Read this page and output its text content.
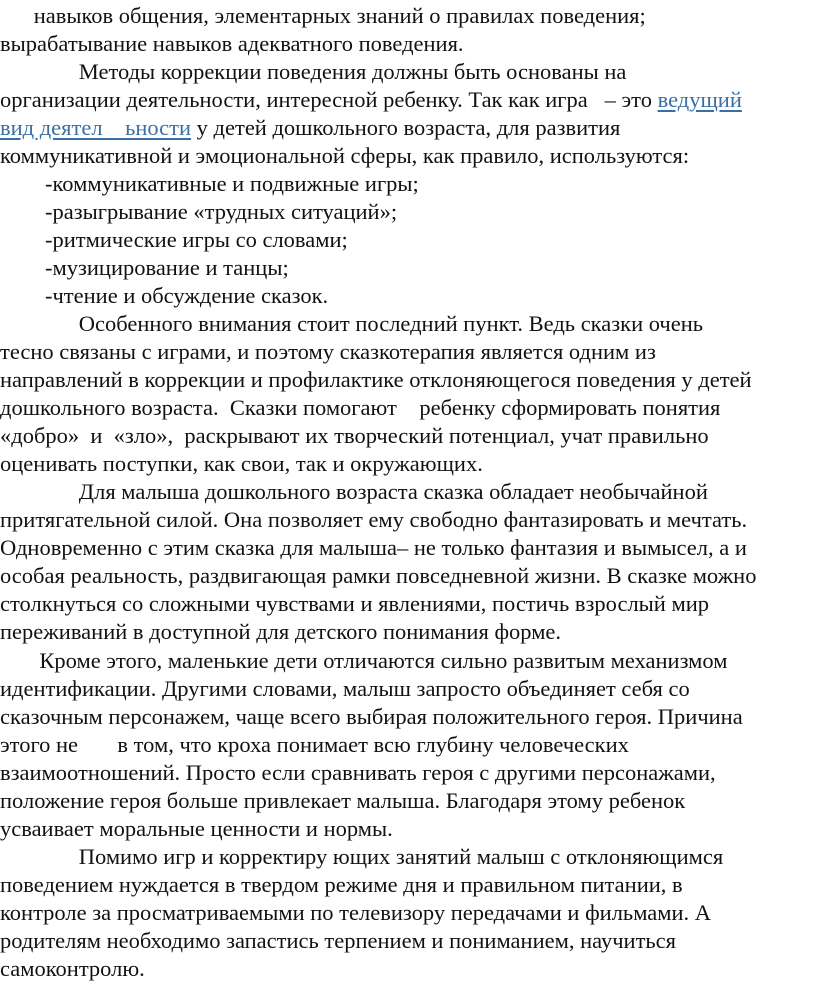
навыков общения, элементарных знаний о правилах поведения;
вырабатывание навыков адекватного поведения.
Методы коррекции поведения должны быть основаны на
организации деятельности, интересной ребенку. Так как игра   – это ведущий
вид деятел    ьности у детей дошкольного возраста, для развития
коммуникативной и эмоциональной сферы, как правило, используются:
-коммуникативные и подвижные игры;
-разыгрывание «трудных ситуаций»;
-ритмические игры со словами;
-музицирование и танцы;
-чтение и обсуждение сказок.
Особенного внимания стоит последний пункт. Ведь сказки очень
тесно связаны с играми, и поэтому сказкотерапия является одним из
направлений в коррекции и профилактике отклоняющегося поведения у детей
дошкольного возраста.  Сказки помогают    ребенку сформировать понятия
«добро»  и  «зло»,  раскрывают их творческий потенциал, учат правильно
оценивать поступки, как свои, так и окружающих.
Для малыша дошкольного возраста сказка обладает необычайной
притягательной силой. Она позволяет ему свободно фантазировать и мечтать.
Одновременно с этим сказка для малыша– не только фантазия и вымысел, а и
особая реальность, раздвигающая рамки повседневной жизни. В сказке можно
столкнуться со сложными чувствами и явлениями, постичь взрослый мир
переживаний в доступной для детского понимания форме.
Кроме этого, маленькие дети отличаются сильно развитым механизмом
идентификации. Другими словами, малыш запросто объединяет себя со
сказочным персонажем, чаще всего выбирая положительного героя. Причина
этого не       в том, что кроха понимает всю глубину человеческих
взаимоотношений. Просто если сравнивать героя с другими персонажами,
положение героя больше привлекает малыша. Благодаря этому ребенок
усваивает моральные ценности и нормы.
Помимо игр и корректиру ющих занятий малыш с отклоняющимся
поведением нуждается в твердом режиме дня и правильном питании, в
контроле за просматриваемыми по телевизору передачами и фильмами. А
родителям необходимо запастись терпением и пониманием, научиться
самоконтролю.
